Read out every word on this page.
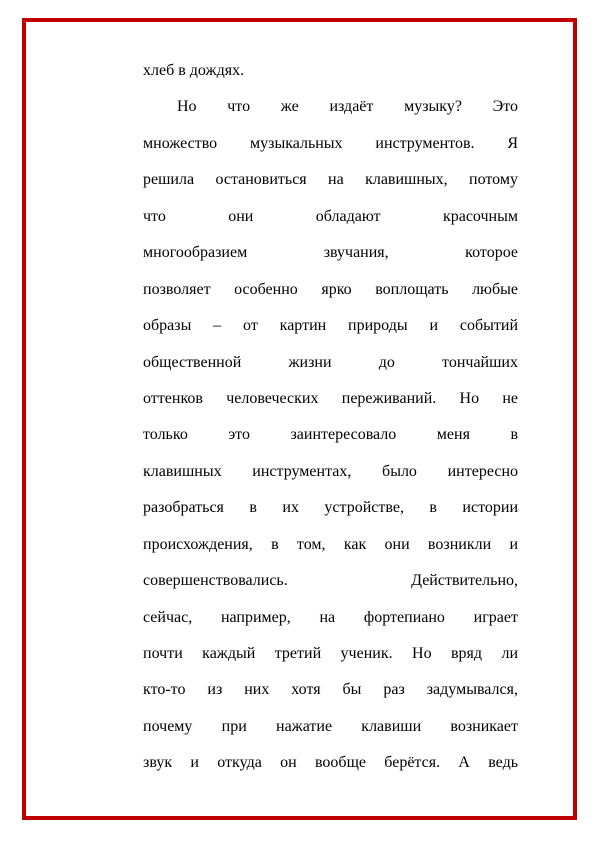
хлеб в дождях.
Но что же издаёт музыку? Это
множество музыкальных инструментов. Я
решила остановиться на клавишных, потому
что они обладают красочным
многообразием звучания, которое
позволяет особенно ярко воплощать любые
образы – от картин природы и событий
общественной жизни до тончайших
оттенков человеческих переживаний. Но не
только это заинтересовало меня в
клавишных инструментах, было интересно
разобраться в их устройстве, в истории
происхождения, в том, как они возникли и
совершенствовались. Действительно,
сейчас, например, на фортепиано играет
почти каждый третий ученик. Но вряд ли
кто-то из них хотя бы раз задумывался,
почему при нажатие клавиши возникает
звук и откуда он вообще берётся. А ведь
